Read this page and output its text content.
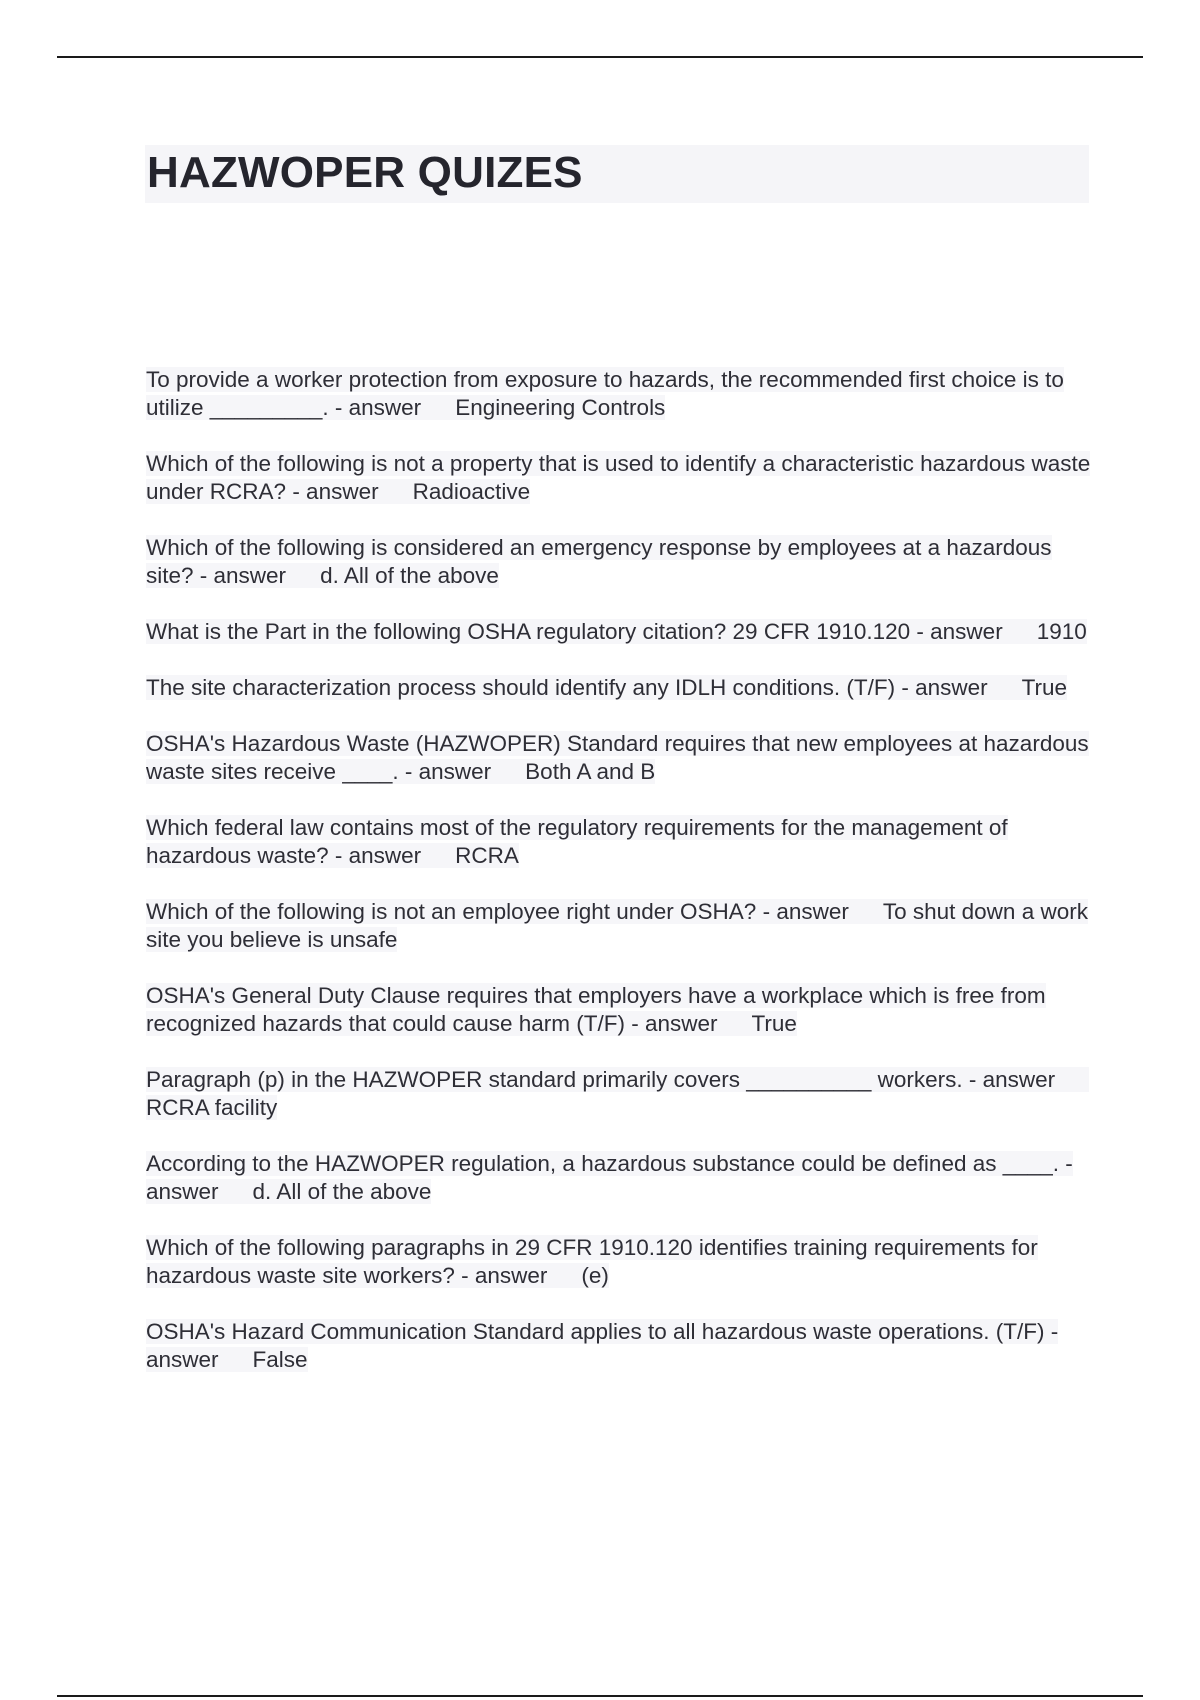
HAZWOPER QUIZES
To provide a worker protection from exposure to hazards, the recommended first choice is to utilize _________. - answer Engineering Controls
Which of the following is not a property that is used to identify a characteristic hazardous waste under RCRA? - answer Radioactive
Which of the following is considered an emergency response by employees at a hazardous site? - answer d. All of the above
What is the Part in the following OSHA regulatory citation? 29 CFR 1910.120 - answer 1910
The site characterization process should identify any IDLH conditions. (T/F) - answer True
OSHA's Hazardous Waste (HAZWOPER) Standard requires that new employees at hazardous waste sites receive ____. - answer Both A and B
Which federal law contains most of the regulatory requirements for the management of hazardous waste? - answer RCRA
Which of the following is not an employee right under OSHA? - answer To shut down a work site you believe is unsafe
OSHA's General Duty Clause requires that employers have a workplace which is free from recognized hazards that could cause harm (T/F) - answer True
Paragraph (p) in the HAZWOPER standard primarily covers __________ workers. - answerRCRA facility
According to the HAZWOPER regulation, a hazardous substance could be defined as ____. - answer d. All of the above
Which of the following paragraphs in 29 CFR 1910.120 identifies training requirements for hazardous waste site workers? - answer (e)
OSHA's Hazard Communication Standard applies to all hazardous waste operations. (T/F) - answer False
